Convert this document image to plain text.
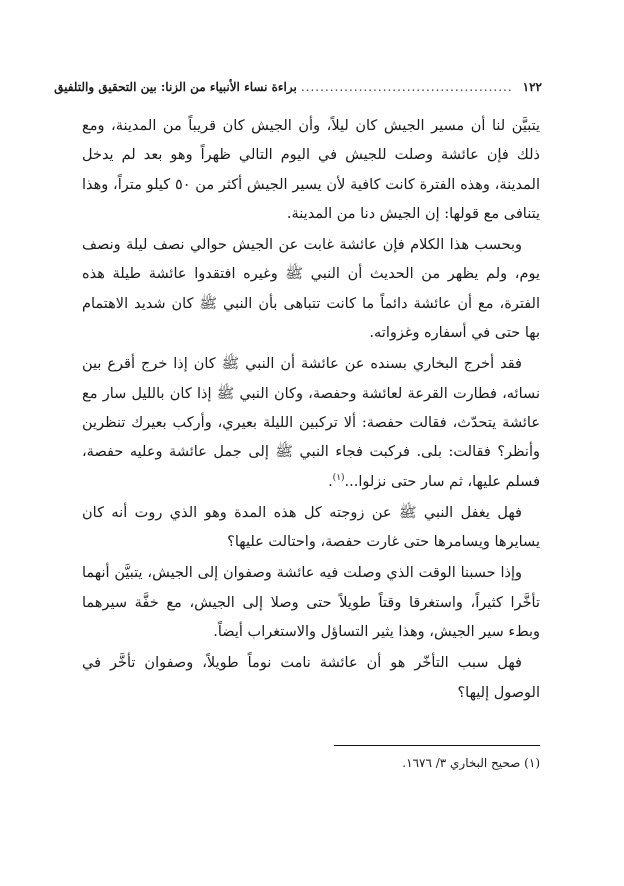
١٢٢
............................................
براءة نساء الأنبياء من الزنا: بين التحقيق والتلفيق

يتبيَّن لنا أن مسير الجيش كان ليلاً، وأن الجيش كان قريباً من المدينة، ومع ذلك فإن عائشة وصلت للجيش في اليوم التالي ظهراً وهو بعد لم يدخل المدينة، وهذه الفترة كانت كافية لأن يسير الجيش أكثر من ٥٠ كيلو متراً، وهذا يتنافى مع قولها: إن الجيش دنا من المدينة.

وبحسب هذا الكلام فإن عائشة غابت عن الجيش حوالي نصف ليلة ونصف يوم، ولم يظهر من الحديث أن النبي ﷺ وغيره افتقدوا عائشة طيلة هذه الفترة، مع أن عائشة دائماً ما كانت تتباهى بأن النبي ﷺ كان شديد الاهتمام بها حتى في أسفاره وغزواته.

فقد أخرج البخاري بسنده عن عائشة أن النبي ﷺ كان إذا خرج أقرع بين نسائه، فطارت القرعة لعائشة وحفصة، وكان النبي ﷺ إذا كان بالليل سار مع عائشة يتحدّث، فقالت حفصة: ألا تركبين الليلة بعيري، وأركب بعيرك تنظرين وأنظر؟ فقالت: بلى. فركبت فجاء النبي ﷺ إلى جمل عائشة وعليه حفصة، فسلم عليها، ثم سار حتى نزلوا...$^{(١)}$.

فهل يغفل النبي ﷺ عن زوجته كل هذه المدة وهو الذي روت أنه كان يسايرها ويسامرها حتى غارت حفصة، واحتالت عليها؟

وإذا حسبنا الوقت الذي وصلت فيه عائشة وصفوان إلى الجيش، يتبيَّن أنهما تأخَّرا كثيراً، واستغرقا وقتاً طويلاً حتى وصلا إلى الجيش، مع خفَّة سيرهما وبطء سير الجيش، وهذا يثير التساؤل والاستغراب أيضاً.

فهل سبب التأخّر هو أن عائشة نامت نوماً طويلاً، وصفوان تأخَّر في الوصول إليها؟

(١) صحيح البخاري ٣/ ١٦٧٦.
